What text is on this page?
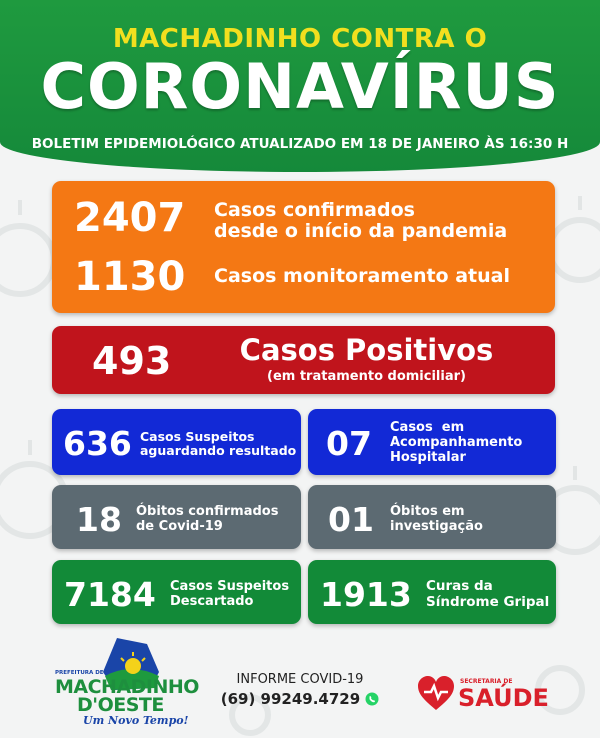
MACHADINHO CONTRA O
CORONAVÍRUS
BOLETIM EPIDEMIOLÓGICO ATUALIZADO EM 18 DE JANEIRO ÀS 16:30 H
2407 Casos confirmados
desde o início da pandemia
1130 Casos monitoramento atual
493	Casos Positivos
(em tratamento domiciliar)
636 Casos Suspeitos
aguardando resultado 07 Casos  em
Acompanhamento
Hospitalar
18 Óbitos confirmados
de Covid-19	01 Óbitos em
investigação
7184 Casos Suspeitos
Descartado 1913 Curas da
Síndrome Gripal
PREFEITURA DE
MACHADINHO
D'OESTE
Um Novo Tempo!
INFORME COVID-19
(69) 99249.4729
SECRETARIA DE
SAÚDE
